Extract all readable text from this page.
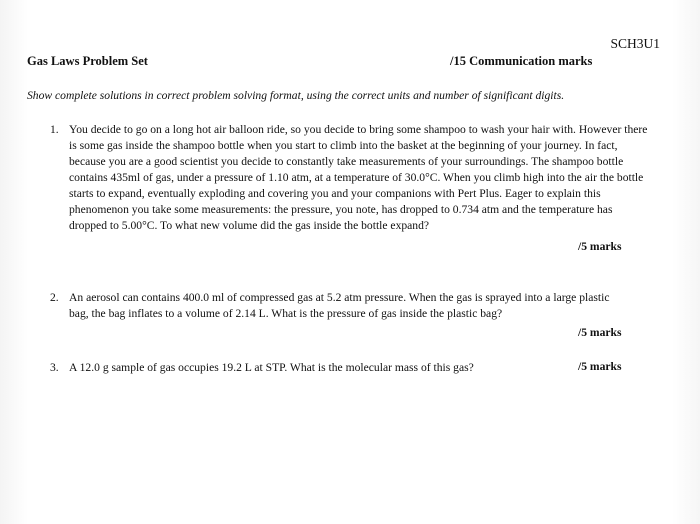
SCH3U1
Gas Laws Problem Set	/15 Communication marks
Show complete solutions in correct problem solving format, using the correct units and number of significant digits.
1. You decide to go on a long hot air balloon ride, so you decide to bring some shampoo to wash your hair with. However there is some gas inside the shampoo bottle when you start to climb into the basket at the beginning of your journey. In fact, because you are a good scientist you decide to constantly take measurements of your surroundings. The shampoo bottle contains 435ml of gas, under a pressure of 1.10 atm, at a temperature of 30.0°C. When you climb high into the air the bottle starts to expand, eventually exploding and covering you and your companions with Pert Plus. Eager to explain this phenomenon you take some measurements: the pressure, you note, has dropped to 0.734 atm and the temperature has dropped to 5.00°C. To what new volume did the gas inside the bottle expand?
/5 marks
2. An aerosol can contains 400.0 ml of compressed gas at 5.2 atm pressure. When the gas is sprayed into a large plastic bag, the bag inflates to a volume of 2.14 L. What is the pressure of gas inside the plastic bag?
/5 marks
3. A 12.0 g sample of gas occupies 19.2 L at STP. What is the molecular mass of this gas?	/5 marks
